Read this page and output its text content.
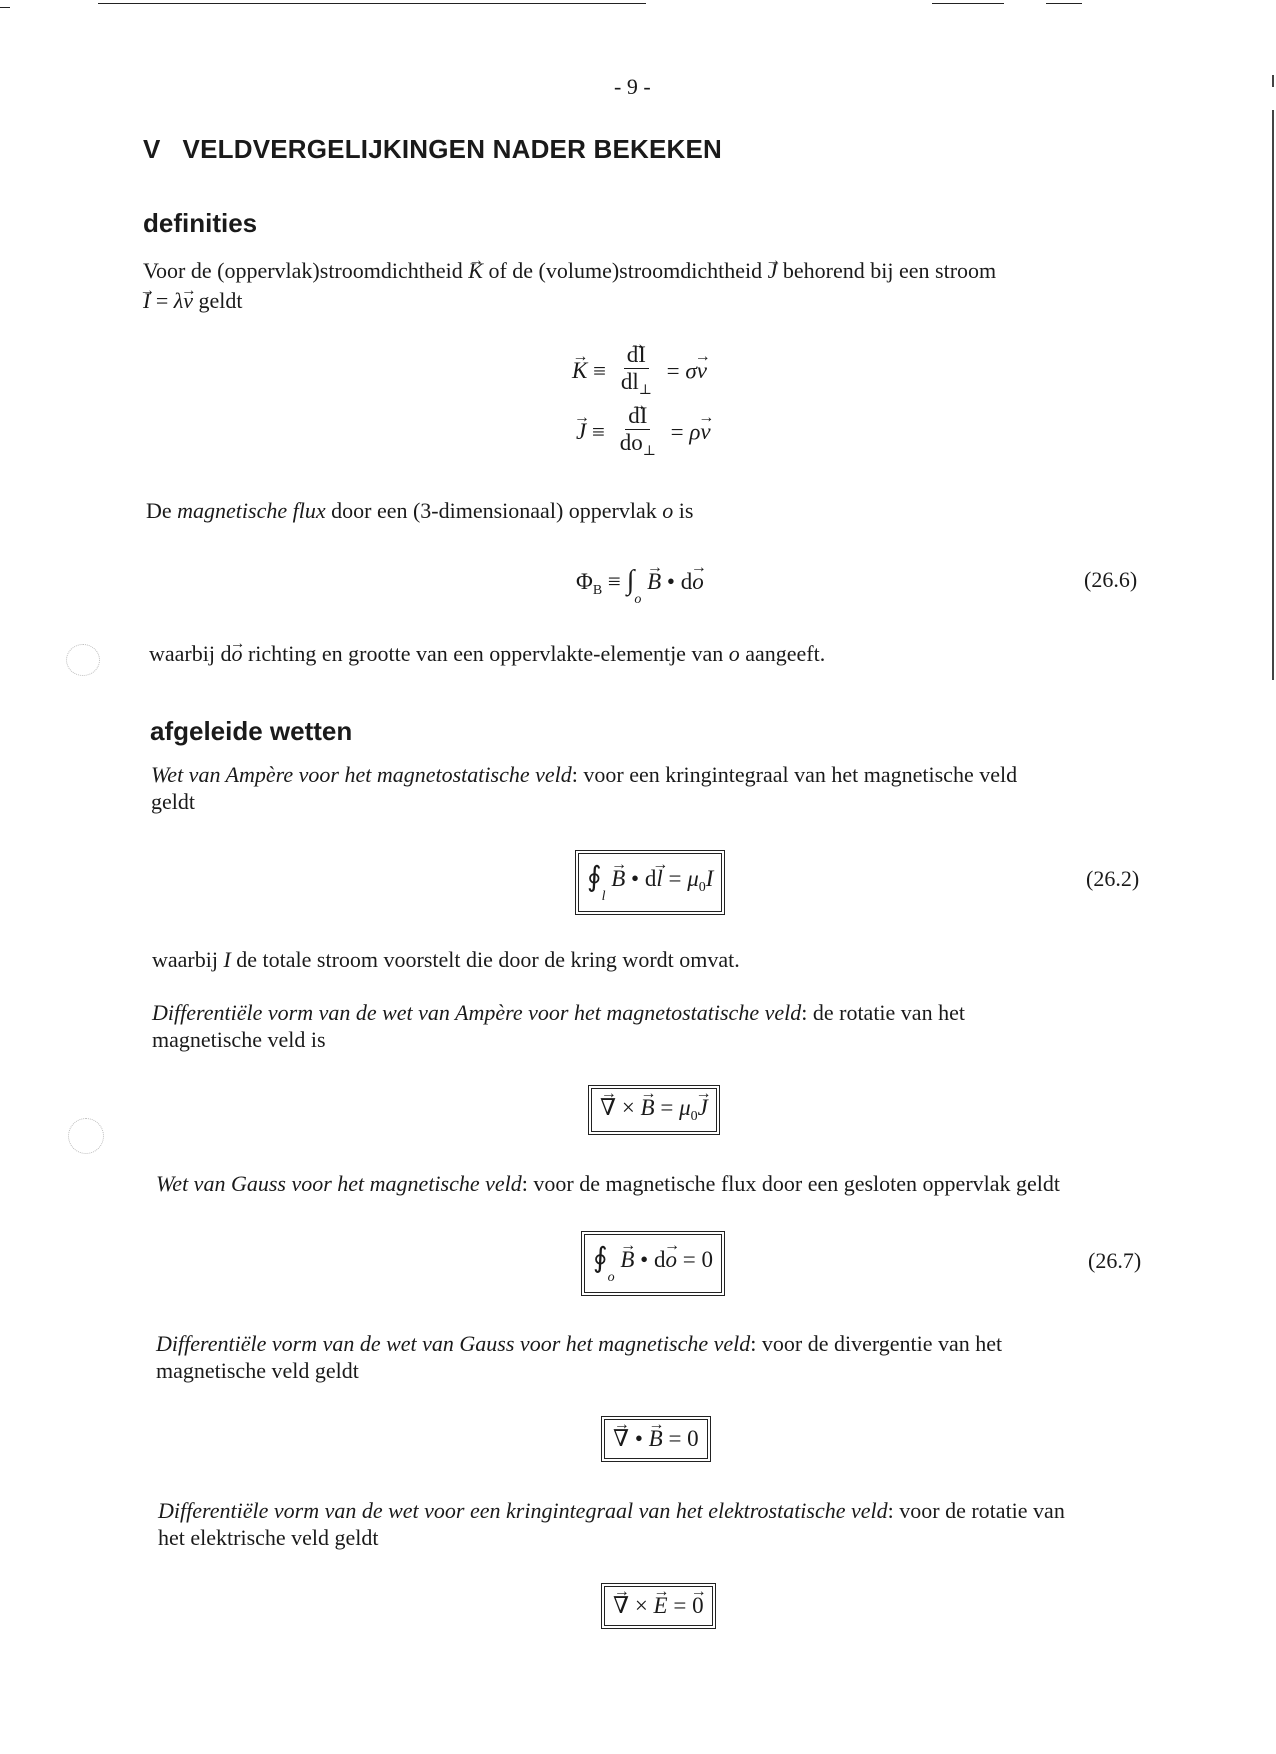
- 9 -
V VELDVERGELIJKINGEN NADER BEKEKEN
definities
Voor de (oppervlak)stroomdichtheid → K of de (volume)stroomdichtheid → J behorend bij een stroom
→ I = λ→ v geldt
→ K ≡ → $\frac{dI}{dl_\perp} = \sigma\to v$
→ J ≡ → $\frac{dI}{do_\perp} = \rho\to v$
De magnetische flux door een (3-dimensionaal) oppervlak o is
$\Phi_B \equiv \int_o \to B$ • d→ o	(26.6)
waarbij d→ o richting en grootte van een oppervlakte-elementje van o aangeeft.
afgeleide wetten
Wet van Ampère voor het magnetostatische veld: voor een kringintegraal van het magnetische veld
geldt
$∮_l \to B$ • $d\to l = \mu_0I$	(26.2)
waarbij I de totale stroom voorstelt die door de kring wordt omvat.
Differentiële vorm van de wet van Ampère voor het magnetostatische veld: de rotatie van het
magnetische veld is
→ ∇ × → $B = \mu_0\to J$
Wet van Gauss voor het magnetische veld: voor de magnetische flux door een gesloten oppervlak geldt
$∮_o \to B$ • d→ o = 0	(26.7)
Differentiële vorm van de wet van Gauss voor het magnetische veld: voor de divergentie van het
magnetische veld geldt
→ ∇ • → B = 0
Differentiële vorm van de wet voor een kringintegraal van het elektrostatische veld: voor de rotatie van
het elektrische veld geldt
→ ∇ × → E = → 0
